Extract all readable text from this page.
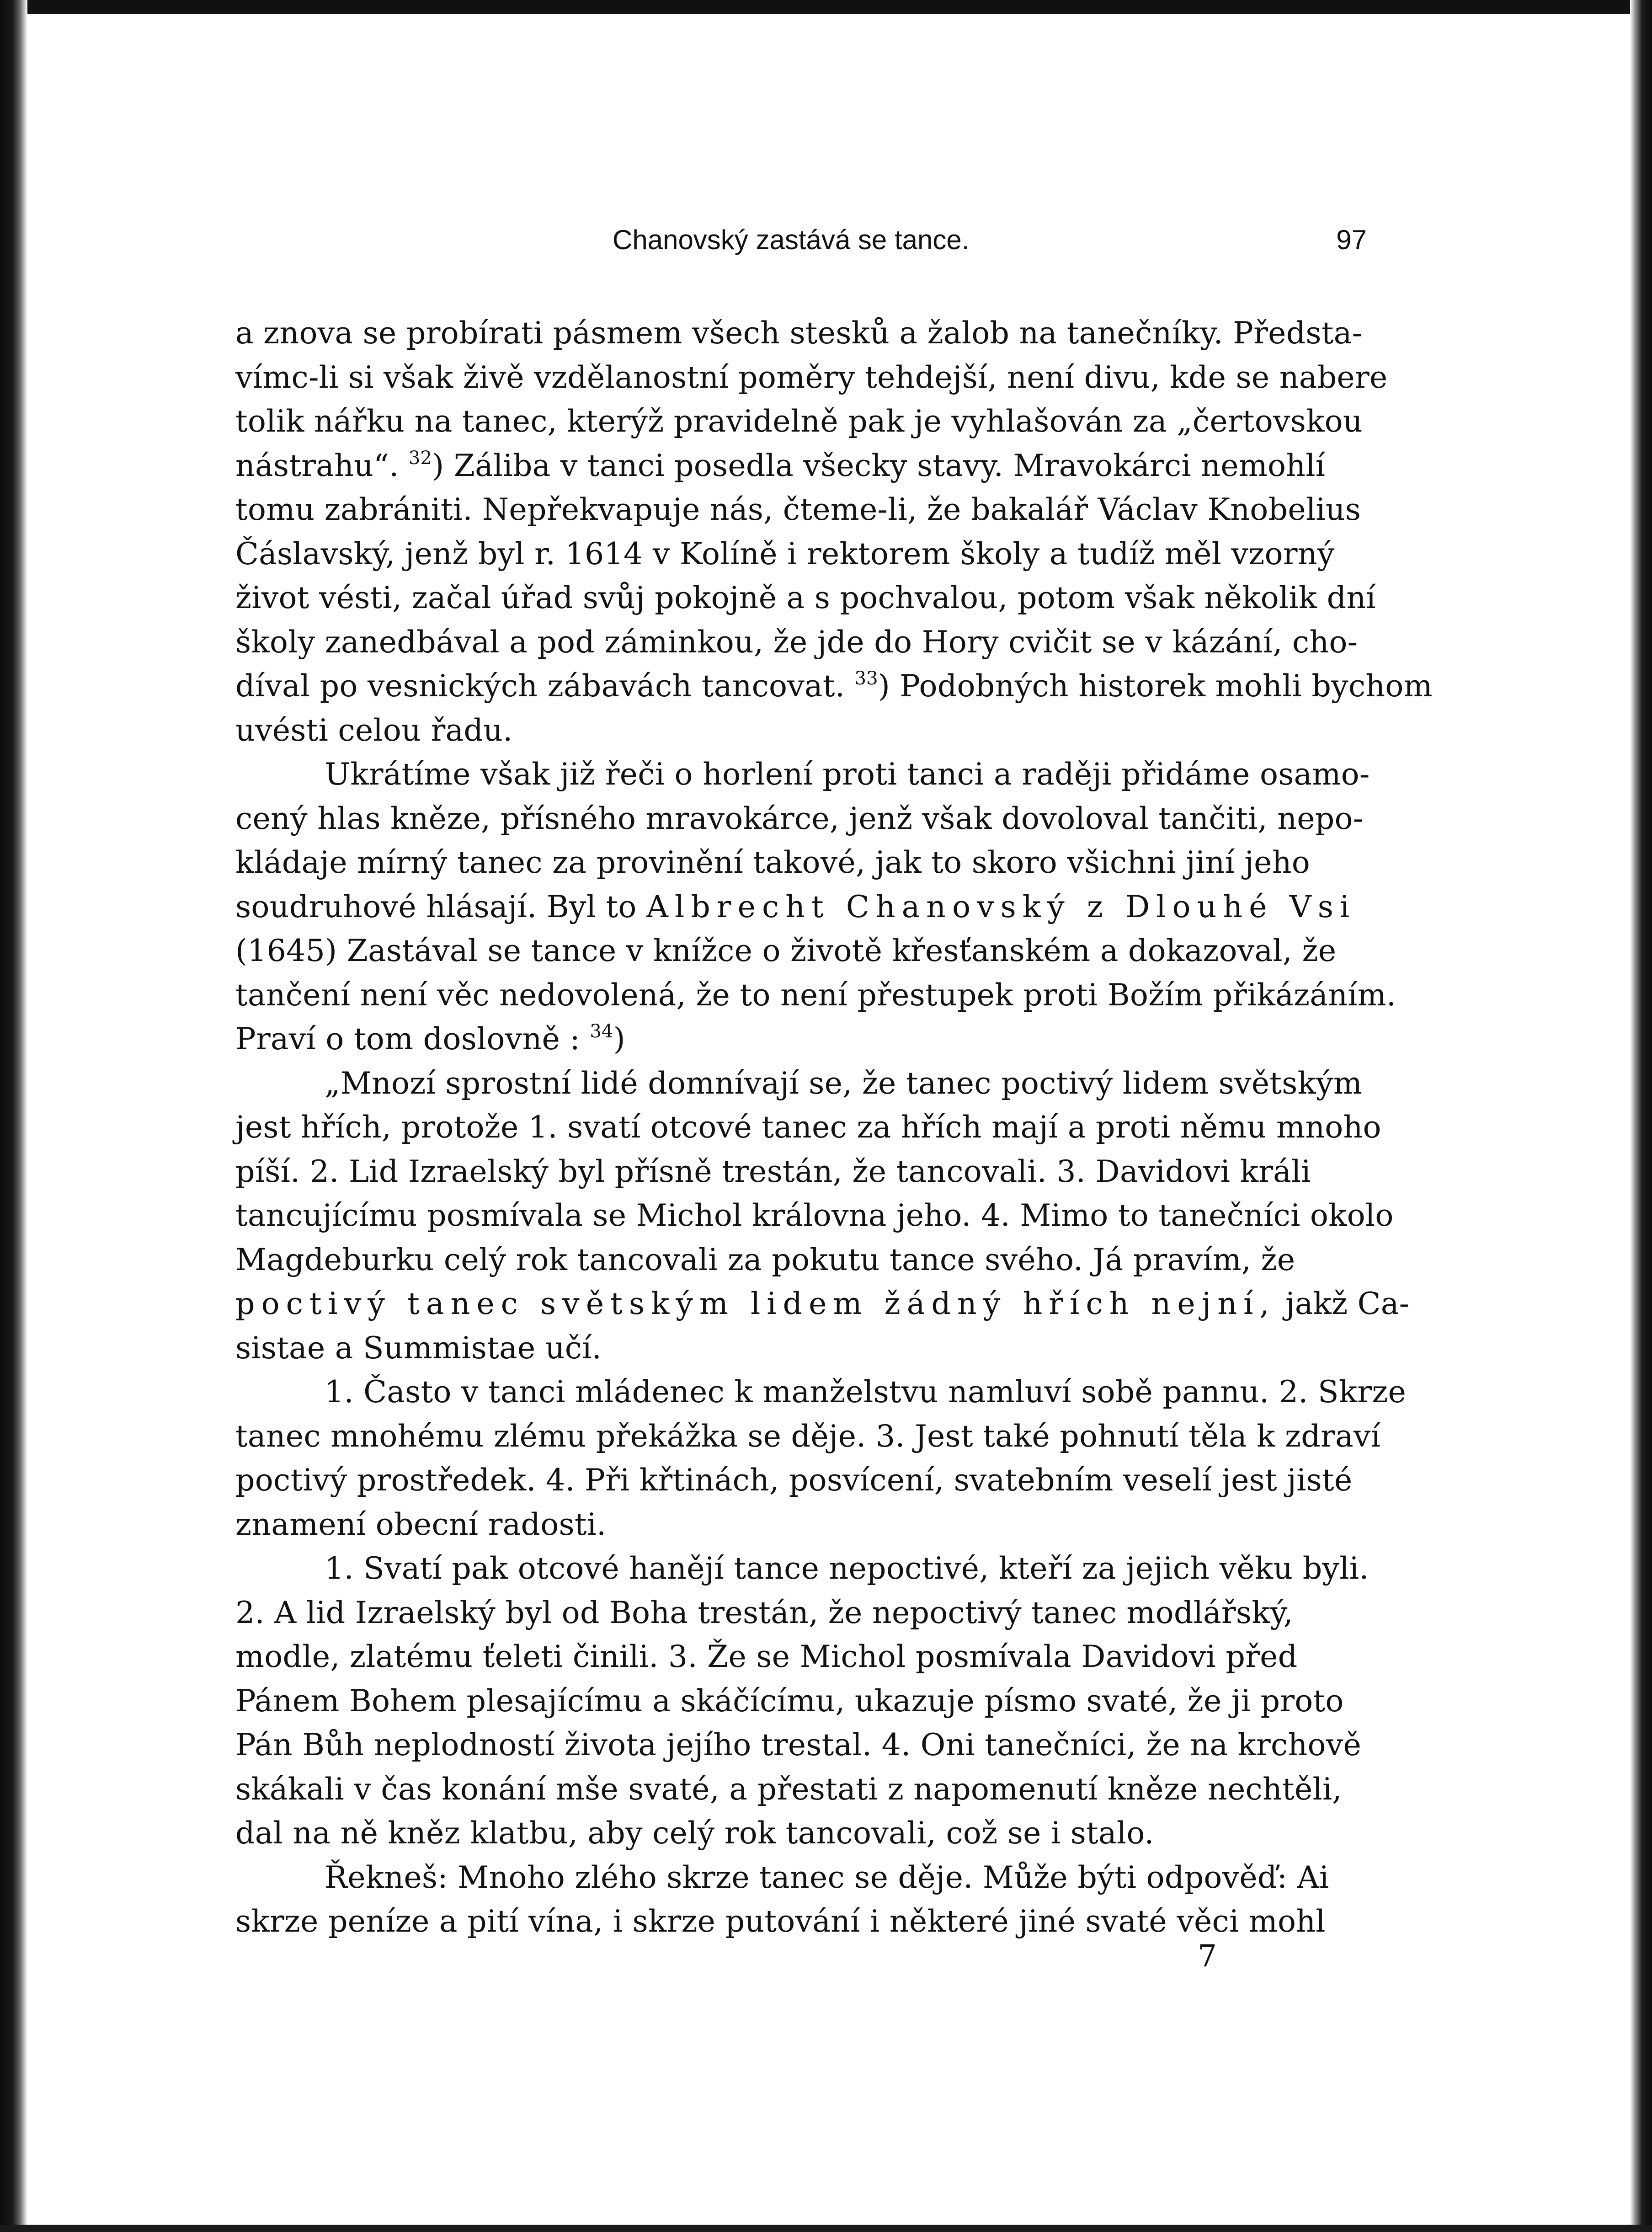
Chanovský zastává se tance.	97
a znova se probírati pásmem všech stesků a žalob na tanečníky. Předsta-
vímc-li si však živě vzdělanostní poměry tehdejší, není divu, kde se nabere
tolik nářku na tanec, kterýž pravidelně pak je vyhlašován za „čertovskou
nástrahu“. $^{32}$) Záliba v tanci posedla všecky stavy. Mravokárci nemohlí
tomu zabrániti. Nepřekvapuje nás, čteme-li, že bakalář Václav Knobelius
Čáslavský, jenž byl r. 1614 v Kolíně i rektorem školy a tudíž měl vzorný
život vésti, začal úřad svůj pokojně a s pochvalou, potom však několik dní
školy zanedbával a pod záminkou, že jde do Hory cvičit se v kázání, cho-
díval po vesnických zábavách tancovat. $^{33}$) Podobných historek mohli bychom
uvésti celou řadu.
Ukrátíme však již řeči o horlení proti tanci a raději přidáme osamo-
cený hlas kněze, přísného mravokárce, jenž však dovoloval tančiti, nepo-
kládaje mírný tanec za provinění takové, jak to skoro všichni jiní jeho
soudruhové hlásají. Byl to Albrecht Chanovský z Dlouhé Vsi
(1645) Zastával se tance v knížce o životě křesťanském a dokazoval, že
tančení není věc nedovolená, že to není přestupek proti Božím přikázáním.
Praví o tom doslovně : $^{34}$)
„Mnozí sprostní lidé domnívají se, že tanec poctivý lidem světským
jest hřích, protože 1. svatí otcové tanec za hřích mají a proti němu mnoho
píší. 2. Lid Izraelský byl přísně trestán, že tancovali. 3. Davidovi králi
tancujícímu posmívala se Michol královna jeho. 4. Mimo to tanečníci okolo
Magdeburku celý rok tancovali za pokutu tance svého. Já pravím, že
poctivý tanec světským lidem žádný hřích nejní, jakž Ca-
sistae a Summistae učí.
1. Často v tanci mládenec k manželstvu namluví sobě pannu. 2. Skrze
tanec mnohému zlému překážka se děje. 3. Jest také pohnutí těla k zdraví
poctivý prostředek. 4. Při křtinách, posvícení, svatebním veselí jest jisté
znamení obecní radosti.
1. Svatí pak otcové hanějí tance nepoctivé, kteří za jejich věku byli.
2. A lid Izraelský byl od Boha trestán, že nepoctivý tanec modlářský,
modle, zlatému ťeleti činili. 3. Že se Michol posmívala Davidovi před
Pánem Bohem plesajícímu a skáčícímu, ukazuje písmo svaté, že ji proto
Pán Bůh neplodností života jejího trestal. 4. Oni tanečníci, že na krchově
skákali v čas konání mše svaté, a přestati z napomenutí kněze nechtěli,
dal na ně kněz klatbu, aby celý rok tancovali, což se i stalo.
Řekneš: Mnoho zlého skrze tanec se děje. Může býti odpověď: Ai
skrze peníze a pití vína, i skrze putování i některé jiné svaté věci mohl
7
